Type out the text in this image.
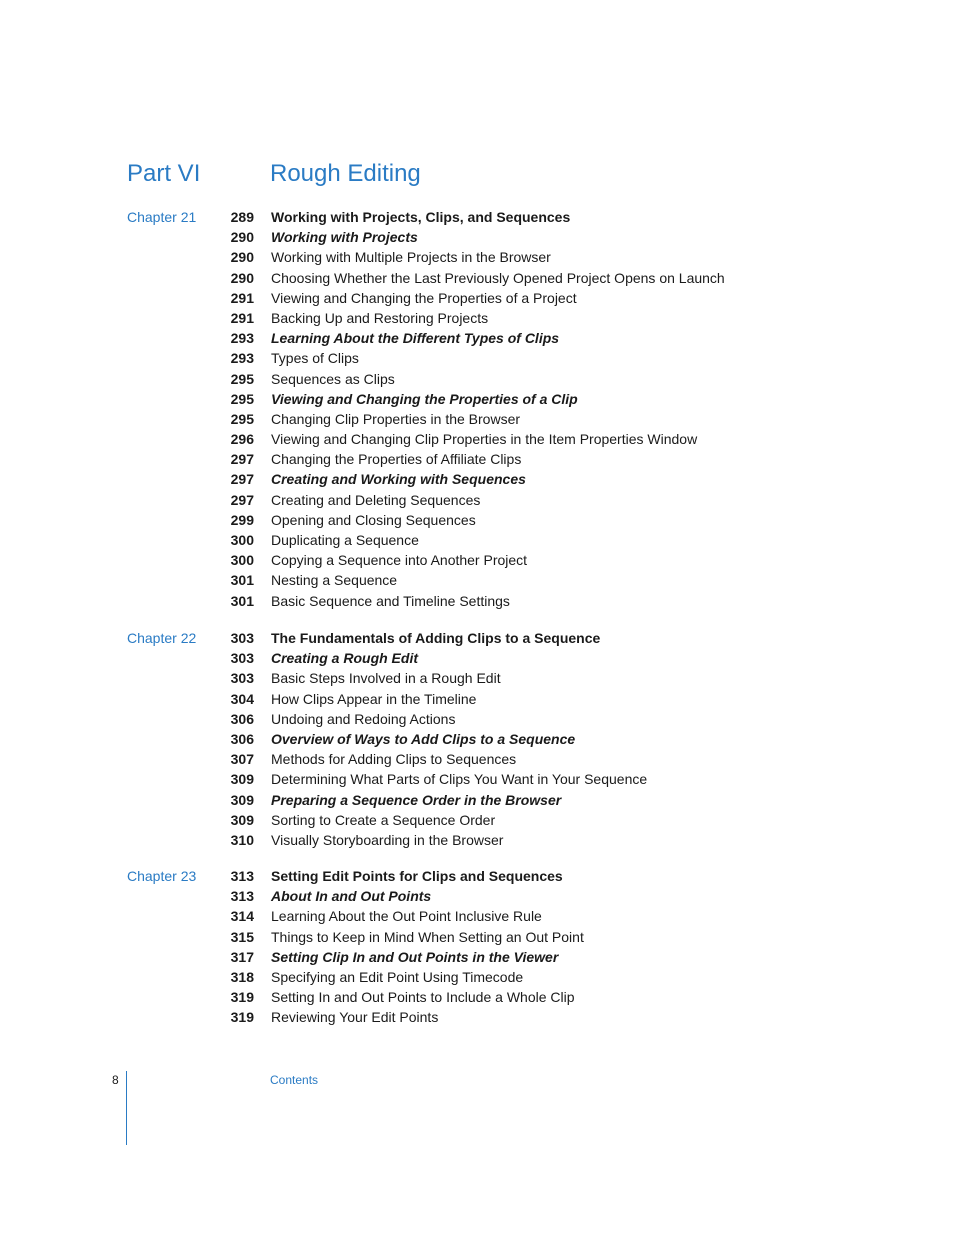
Part VI	Rough Editing
Chapter 21	289 Working with Projects, Clips, and Sequences
290 Working with Projects
290 Working with Multiple Projects in the Browser
290 Choosing Whether the Last Previously Opened Project Opens on Launch
291 Viewing and Changing the Properties of a Project
291 Backing Up and Restoring Projects
293 Learning About the Different Types of Clips
293 Types of Clips
295 Sequences as Clips
295 Viewing and Changing the Properties of a Clip
295 Changing Clip Properties in the Browser
296 Viewing and Changing Clip Properties in the Item Properties Window
297 Changing the Properties of Affiliate Clips
297 Creating and Working with Sequences
297 Creating and Deleting Sequences
299 Opening and Closing Sequences
300 Duplicating a Sequence
300 Copying a Sequence into Another Project
301 Nesting a Sequence
301 Basic Sequence and Timeline Settings
Chapter 22	303 The Fundamentals of Adding Clips to a Sequence
303 Creating a Rough Edit
303 Basic Steps Involved in a Rough Edit
304 How Clips Appear in the Timeline
306 Undoing and Redoing Actions
306 Overview of Ways to Add Clips to a Sequence
307 Methods for Adding Clips to Sequences
309 Determining What Parts of Clips You Want in Your Sequence
309 Preparing a Sequence Order in the Browser
309 Sorting to Create a Sequence Order
310 Visually Storyboarding in the Browser
Chapter 23	313 Setting Edit Points for Clips and Sequences
313 About In and Out Points
314 Learning About the Out Point Inclusive Rule
315 Things to Keep in Mind When Setting an Out Point
317 Setting Clip In and Out Points in the Viewer
318 Specifying an Edit Point Using Timecode
319 Setting In and Out Points to Include a Whole Clip
319 Reviewing Your Edit Points
8	Contents
